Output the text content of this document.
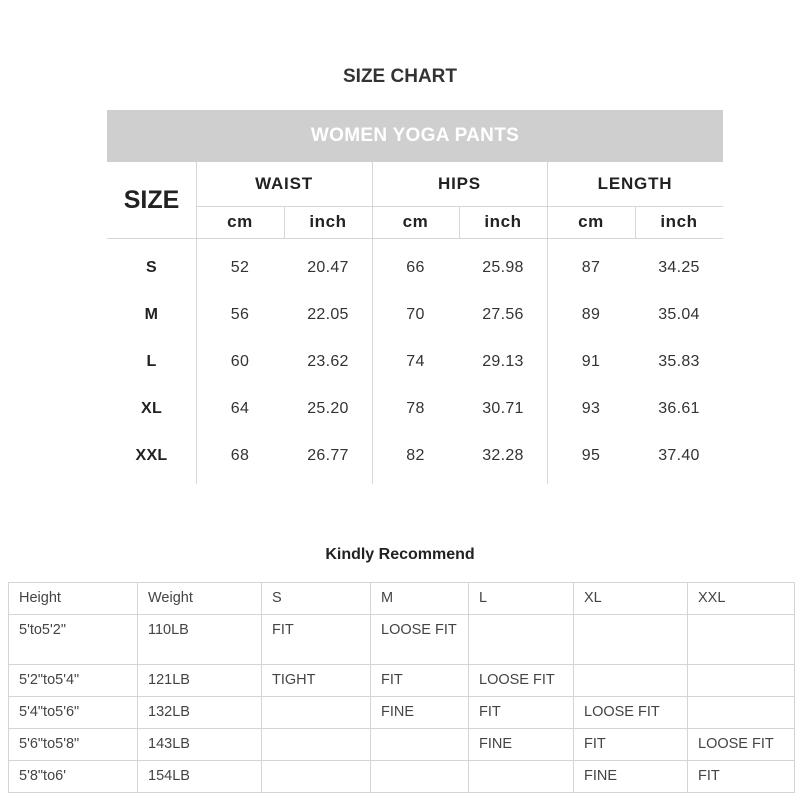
SIZE CHART
WOMEN YOGA PANTS
SIZE
WAIST	HIPS	LENGTH
cm	inch	cm	inch	cm	inch
S	52	20.47	66	25.98	87	34.25
M	56	22.05	70	27.56	89	35.04
L	60	23.62	74	29.13	91	35.83
XL	64	25.20	78	30.71	93	36.61
XXL	68	26.77	82	32.28	95	37.40
Kindly Recommend
Height	Weight	S	M	L	XL	XXL
5'to5'2"	110LB	FIT	LOOSE FIT			
5'2"to5'4"	121LB	TIGHT	FIT	LOOSE FIT		
5'4"to5'6"	132LB		FINE	FIT	LOOSE FIT	
5'6"to5'8"	143LB			FINE	FIT	LOOSE FIT
5'8"to6'	154LB				FINE	FIT
